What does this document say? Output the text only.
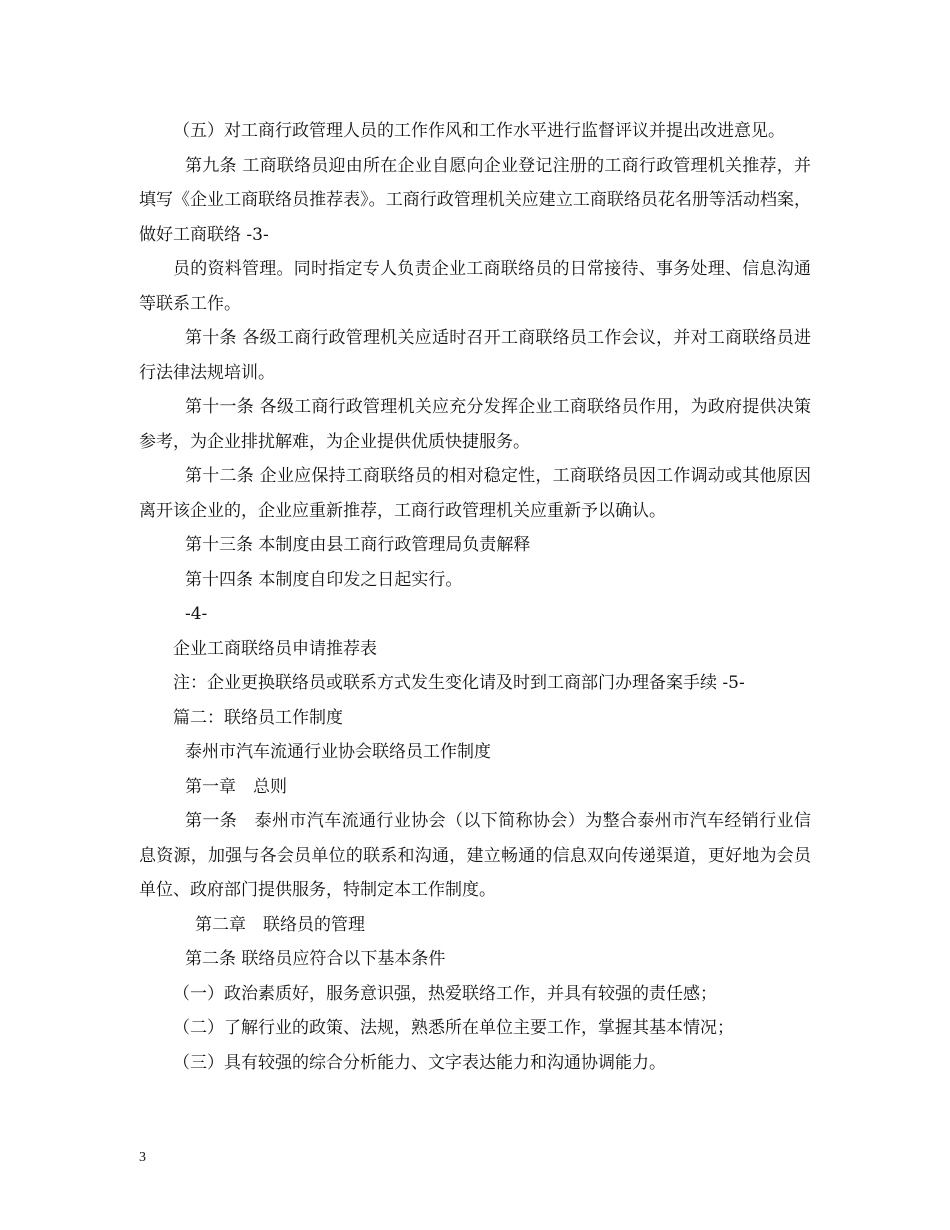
（五）对工商行政管理人员的工作作风和工作水平进行监督评议并提出改进意见。

第九条 工商联络员迎由所在企业自愿向企业登记注册的工商行政管理机关推荐，并填写《企业工商联络员推荐表》。工商行政管理机关应建立工商联络员花名册等活动档案，做好工商联络 -3-

员的资料管理。同时指定专人负责企业工商联络员的日常接待、事务处理、信息沟通等联系工作。

第十条 各级工商行政管理机关应适时召开工商联络员工作会议，并对工商联络员进行法律法规培训。

第十一条 各级工商行政管理机关应充分发挥企业工商联络员作用，为政府提供决策参考，为企业排扰解难，为企业提供优质快捷服务。

第十二条 企业应保持工商联络员的相对稳定性，工商联络员因工作调动或其他原因离开该企业的，企业应重新推荐，工商行政管理机关应重新予以确认。

第十三条 本制度由县工商行政管理局负责解释

第十四条 本制度自印发之日起实行。

-4-

企业工商联络员申请推荐表

注：企业更换联络员或联系方式发生变化请及时到工商部门办理备案手续 -5-

篇二：联络员工作制度

泰州市汽车流通行业协会联络员工作制度

第一章　总则

第一条　泰州市汽车流通行业协会（以下简称协会）为整合泰州市汽车经销行业信息资源，加强与各会员单位的联系和沟通，建立畅通的信息双向传递渠道，更好地为会员单位、政府部门提供服务，特制定本工作制度。

第二章　联络员的管理

第二条 联络员应符合以下基本条件

（一）政治素质好，服务意识强，热爱联络工作，并具有较强的责任感；

（二）了解行业的政策、法规，熟悉所在单位主要工作，掌握其基本情况；

（三）具有较强的综合分析能力、文字表达能力和沟通协调能力。

3
